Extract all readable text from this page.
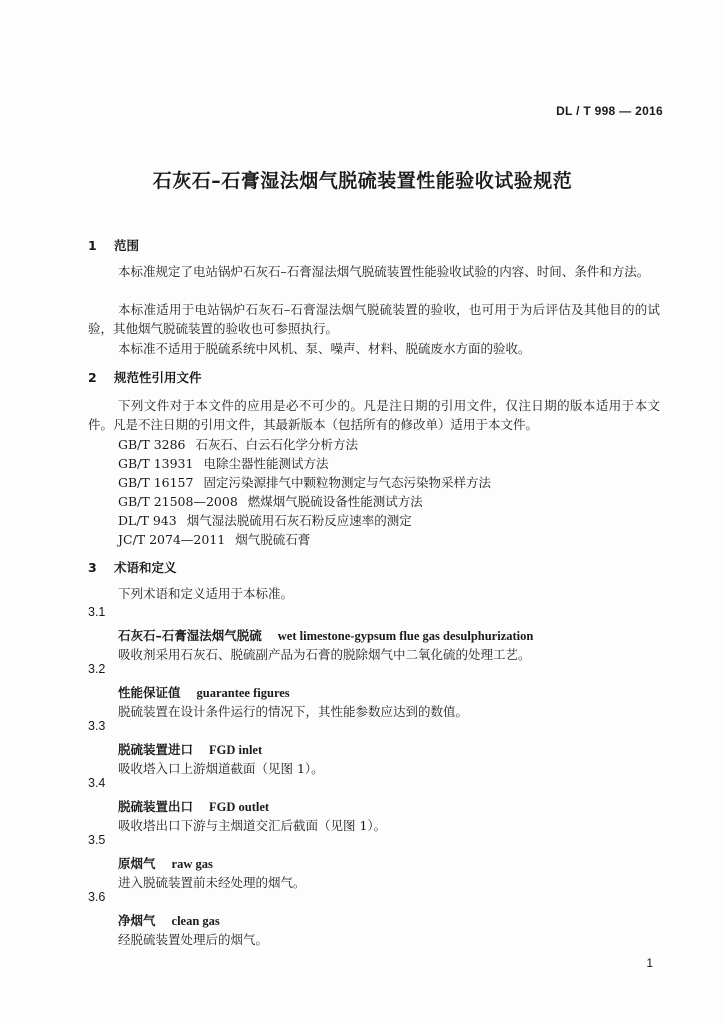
DL / T 998 — 2016
石灰石–石膏湿法烟气脱硫装置性能验收试验规范
1 范围
本标准规定了电站锅炉石灰石–石膏湿法烟气脱硫装置性能验收试验的内容、时间、条件和方法。
本标准适用于电站锅炉石灰石–石膏湿法烟气脱硫装置的验收，也可用于为后评估及其他目的的试验，其他烟气脱硫装置的验收也可参照执行。
本标准不适用于脱硫系统中风机、泵、噪声、材料、脱硫废水方面的验收。
2 规范性引用文件
下列文件对于本文件的应用是必不可少的。凡是注日期的引用文件，仅注日期的版本适用于本文件。凡是不注日期的引用文件，其最新版本（包括所有的修改单）适用于本文件。
GB/T 3286 石灰石、白云石化学分析方法
GB/T 13931 电除尘器性能测试方法
GB/T 16157 固定污染源排气中颗粒物测定与气态污染物采样方法
GB/T 21508—2008 燃煤烟气脱硫设备性能测试方法
DL/T 943 烟气湿法脱硫用石灰石粉反应速率的测定
JC/T 2074—2011 烟气脱硫石膏
3 术语和定义
下列术语和定义适用于本标准。
3.1
石灰石–石膏湿法烟气脱硫 wet limestone-gypsum flue gas desulphurization
吸收剂采用石灰石、脱硫副产品为石膏的脱除烟气中二氧化硫的处理工艺。
3.2
性能保证值 guarantee figures
脱硫装置在设计条件运行的情况下，其性能参数应达到的数值。
3.3
脱硫装置进口 FGD inlet
吸收塔入口上游烟道截面（见图 1）。
3.4
脱硫装置出口 FGD outlet
吸收塔出口下游与主烟道交汇后截面（见图 1）。
3.5
原烟气 raw gas
进入脱硫装置前未经处理的烟气。
3.6
净烟气 clean gas
经脱硫装置处理后的烟气。
1
